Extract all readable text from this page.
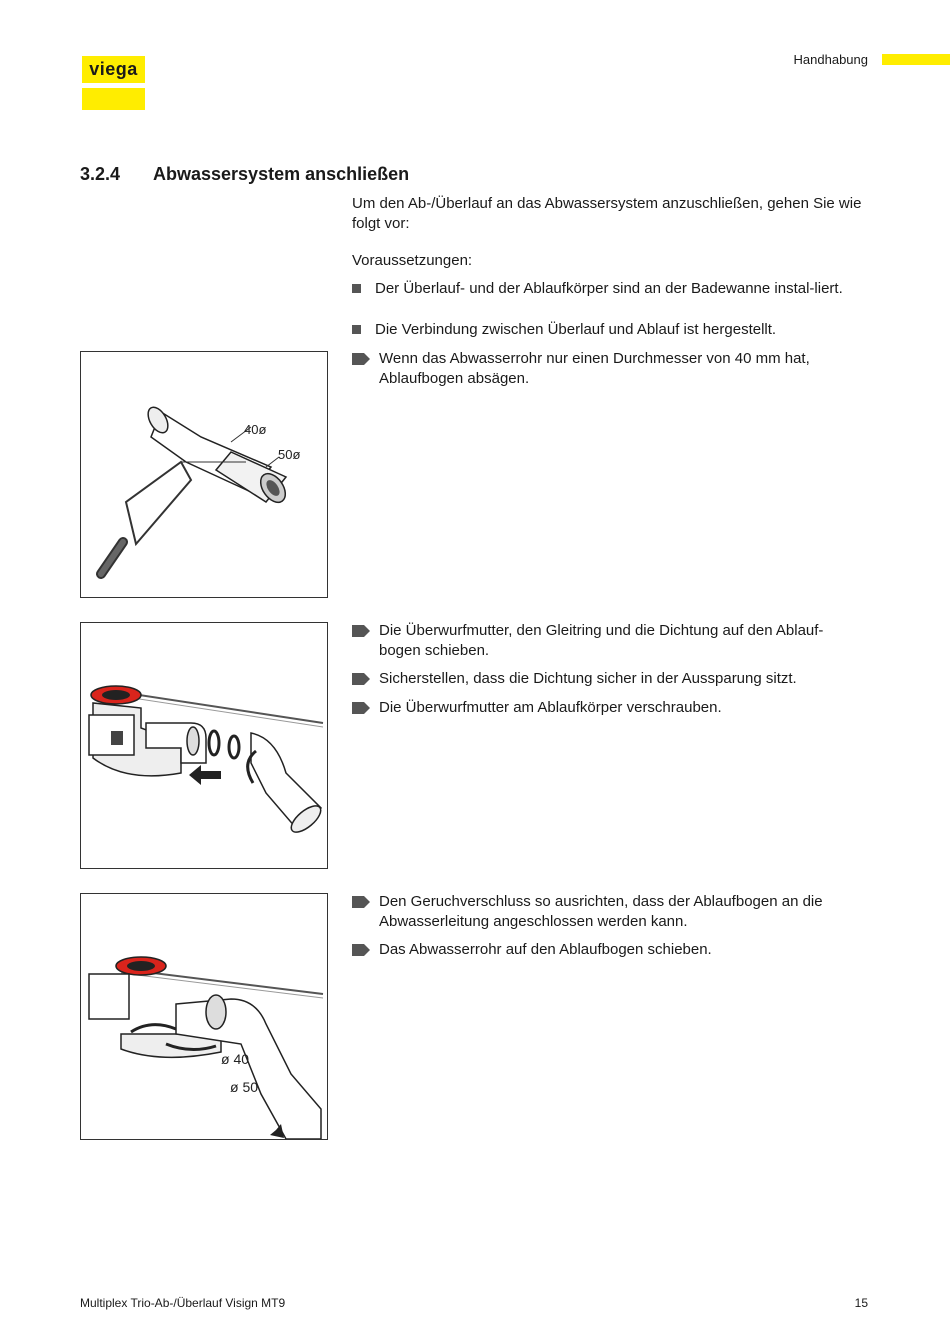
viega	Handhabung
3.2.4 Abwassersystem anschließen
Um den Ab-/Überlauf an das Abwassersystem anzuschließen, gehen Sie wie folgt vor:
Voraussetzungen:
Der Überlauf- und der Ablaufkörper sind an der Badewanne instal-liert.
Die Verbindung zwischen Überlauf und Ablauf ist hergestellt.
Wenn das Abwasserrohr nur einen Durchmesser von 40 mm hat, Ablaufbogen absägen.
Die Überwurfmutter, den Gleitring und die Dichtung auf den Ablauf-bogen schieben.
Sicherstellen, dass die Dichtung sicher in der Aussparung sitzt.
Die Überwurfmutter am Ablaufkörper verschrauben.
Den Geruchverschluss so ausrichten, dass der Ablaufbogen an die Abwasserleitung angeschlossen werden kann.
Das Abwasserrohr auf den Ablaufbogen schieben.
40ø
50ø
ø 40
ø 50
Multiplex Trio-Ab-/Überlauf Visign MT9	15
